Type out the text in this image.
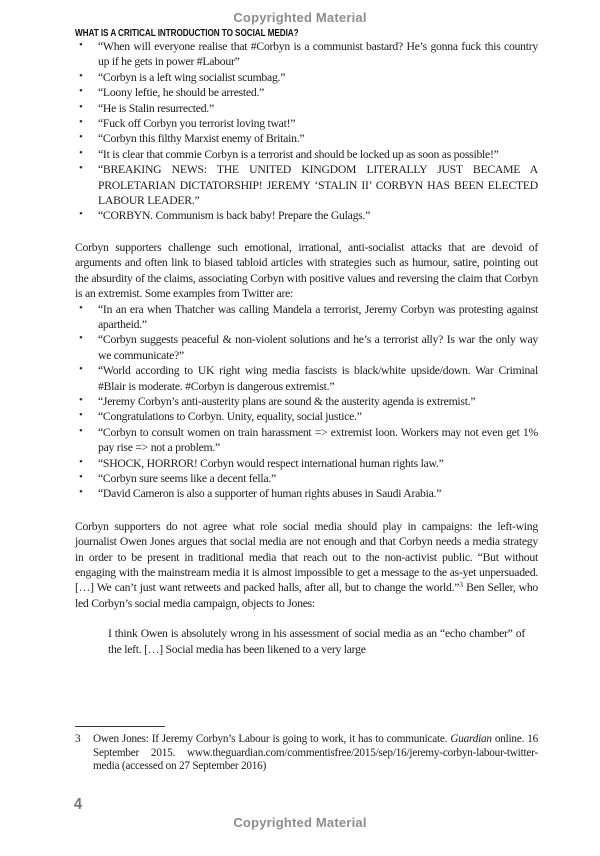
Copyrighted Material
WHAT IS A CRITICAL INTRODUCTION TO SOCIAL MEDIA?
• “When will everyone realise that #Corbyn is a communist bastard? He’s gonna fuck this country up if he gets in power #Labour”
• “Corbyn is a left wing socialist scumbag.”
• “Loony leftie, he should be arrested.”
• “He is Stalin resurrected.”
• “Fuck off Corbyn you terrorist loving twat!”
• “Corbyn this filthy Marxist enemy of Britain.”
• “It is clear that commie Corbyn is a terrorist and should be locked up as soon as possible!”
• “BREAKING NEWS: THE UNITED KINGDOM LITERALLY JUST BECAME A PROLETARIAN DICTATORSHIP! JEREMY ‘STALIN II’ CORBYN HAS BEEN ELECTED LABOUR LEADER.”
• “CORBYN. Communism is back baby! Prepare the Gulags.”

Corbyn supporters challenge such emotional, irrational, anti-socialist attacks that are devoid of arguments and often link to biased tabloid articles with strategies such as humour, satire, pointing out the absurdity of the claims, associating Corbyn with positive values and reversing the claim that Corbyn is an extremist. Some examples from Twitter are:

• “In an era when Thatcher was calling Mandela a terrorist, Jeremy Corbyn was protesting against apartheid.”
• “Corbyn suggests peaceful & non-violent solutions and he’s a terrorist ally? Is war the only way we communicate?”
• “World according to UK right wing media fascists is black/white upside/down. War Criminal #Blair is moderate. #Corbyn is dangerous extremist.”
• “Jeremy Corbyn’s anti-austerity plans are sound & the austerity agenda is extremist.”
• “Congratulations to Corbyn. Unity, equality, social justice.”
• “Corbyn to consult women on train harassment => extremist loon. Workers may not even get 1% pay rise => not a problem.”
• “SHOCK, HORROR! Corbyn would respect international human rights law.”
• “Corbyn sure seems like a decent fella.”
• “David Cameron is also a supporter of human rights abuses in Saudi Arabia.”

Corbyn supporters do not agree what role social media should play in campaigns: the left-wing journalist Owen Jones argues that social media are not enough and that Corbyn needs a media strategy in order to be present in traditional media that reach out to the non-activist public. “But without engaging with the mainstream media it is almost impossible to get a message to the as-yet unpersuaded. […] We can’t just want retweets and packed halls, after all, but to change the world.”$^3$ Ben Seller, who led Corbyn’s social media campaign, objects to Jones:

I think Owen is absolutely wrong in his assessment of social media as an “echo chamber” of the left. […] Social media has been likened to a very large
3 Owen Jones: If Jeremy Corbyn’s Labour is going to work, it has to communicate. Guardian online. 16 September 2015. www.theguardian.com/commentisfree/2015/sep/16/jeremy-corbyn-labour-twitter-media (accessed on 27 September 2016)
4
Copyrighted Material
